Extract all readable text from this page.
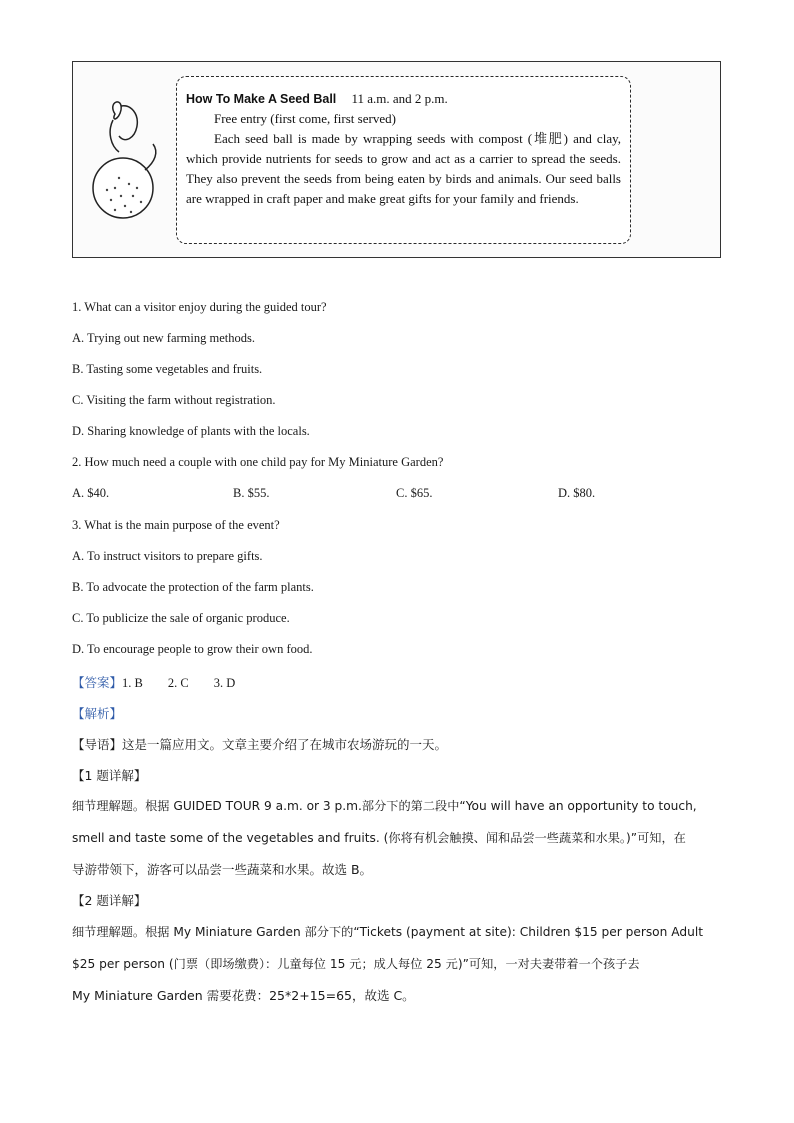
How To Make A Seed Ball 11 a.m. and 2 p.m.
Free entry (first come, first served)

Each seed ball is made by wrapping seeds with compost (堆肥) and clay, which provide nutrients for seeds to grow and act as a carrier to spread the seeds. They also prevent the seeds from being eaten by birds and animals. Our seed balls are wrapped in craft paper and make great gifts for your family and friends.

1. What can a visitor enjoy during the guided tour?
A. Trying out new farming methods.
B. Tasting some vegetables and fruits.
C. Visiting the farm without registration.
D. Sharing knowledge of plants with the locals.
2. How much need a couple with one child pay for My Miniature Garden?
A. $40.	B. $55.	C. $65.	D. $80.
3. What is the main purpose of the event?
A. To instruct visitors to prepare gifts.
B. To advocate the protection of the farm plants.
C. To publicize the sale of organic produce.
D. To encourage people to grow their own food.
【答案】1. B        2. C        3. D
【解析】
【导语】这是一篇应用文。文章主要介绍了在城市农场游玩的一天。
【1 题详解】
细节理解题。根据 GUIDED TOUR 9 a.m. or 3 p.m.部分下的第二段中“You will have an opportunity to touch,
smell and taste some of the vegetables and fruits. (你将有机会触摸、闻和品尝一些蔬菜和水果。)”可知，在
导游带领下，游客可以品尝一些蔬菜和水果。故选 B。
【2 题详解】
细节理解题。根据 My Miniature Garden 部分下的“Tickets (payment at site): Children $15 per person Adult
$25 per person (门票（即场缴费）：儿童每位 15 元；成人每位 25 元)”可知，一对夫妻带着一个孩子去
My Miniature Garden 需要花费：25*2+15=65，故选 C。
